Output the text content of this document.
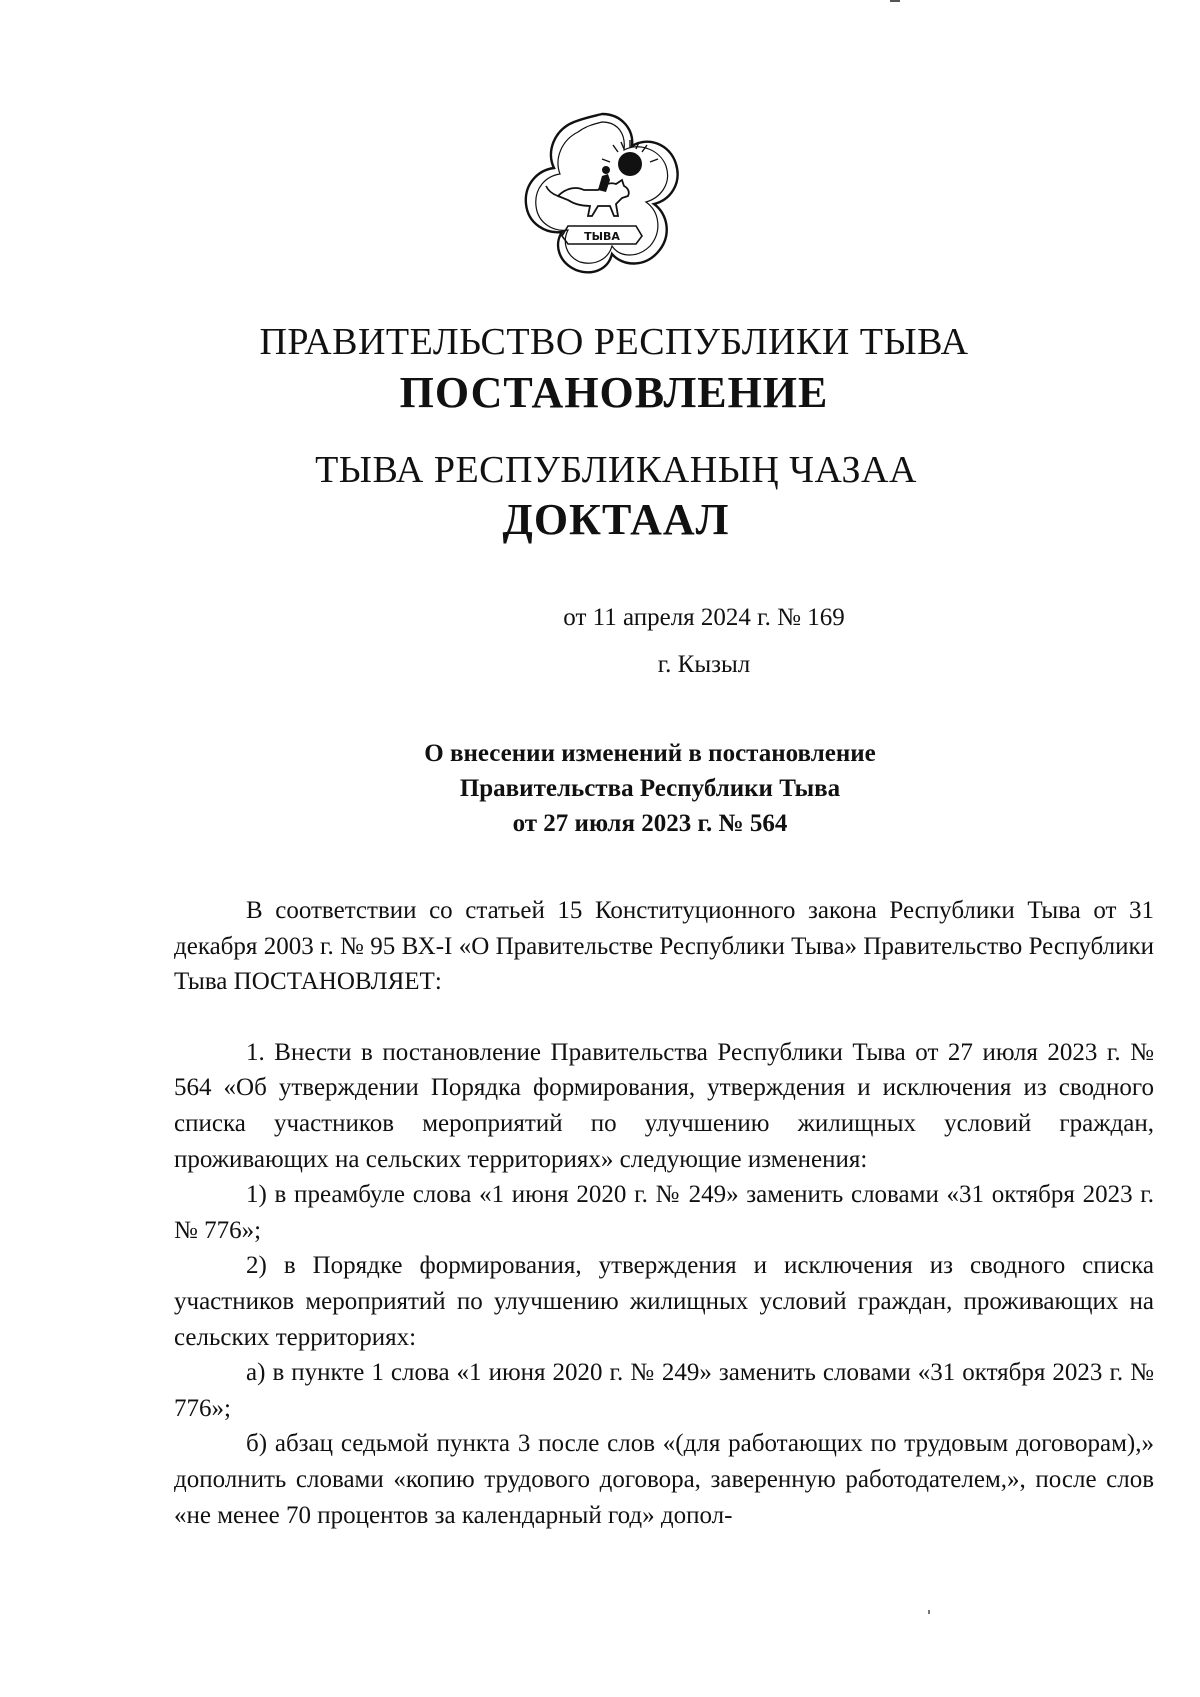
ТЫВА
ПРАВИТЕЛЬСТВО РЕСПУБЛИКИ ТЫВА
ПОСТАНОВЛЕНИЕ
ТЫВА РЕСПУБЛИКАНЫҢ ЧАЗАА
ДОКТААЛ
от 11 апреля 2024 г. № 169
г. Кызыл
О внесении изменений в постановление
Правительства Республики Тыва
от 27 июля 2023 г. № 564

В соответствии со статьей 15 Конституционного закона Республики Тыва от 31 декабря 2003 г. № 95 ВХ-I «О Правительстве Республики Тыва» Правительство Республики Тыва ПОСТАНОВЛЯЕТ:

1. Внести в постановление Правительства Республики Тыва от 27 июля 2023 г. № 564 «Об утверждении Порядка формирования, утверждения и исключения из сводного списка участников мероприятий по улучшению жилищных условий граждан, проживающих на сельских территориях» следующие изменения:

1) в преамбуле слова «1 июня 2020 г. № 249» заменить словами «31 октября 2023 г. № 776»;

2) в Порядке формирования, утверждения и исключения из сводного списка участников мероприятий по улучшению жилищных условий граждан, проживающих на сельских территориях:

а) в пункте 1 слова «1 июня 2020 г. № 249» заменить словами «31 октября 2023 г. № 776»;

б) абзац седьмой пункта 3 после слов «(для работающих по трудовым договорам),» дополнить словами «копию трудового договора, заверенную работодателем,», после слов «не менее 70 процентов за календарный год» допол-
